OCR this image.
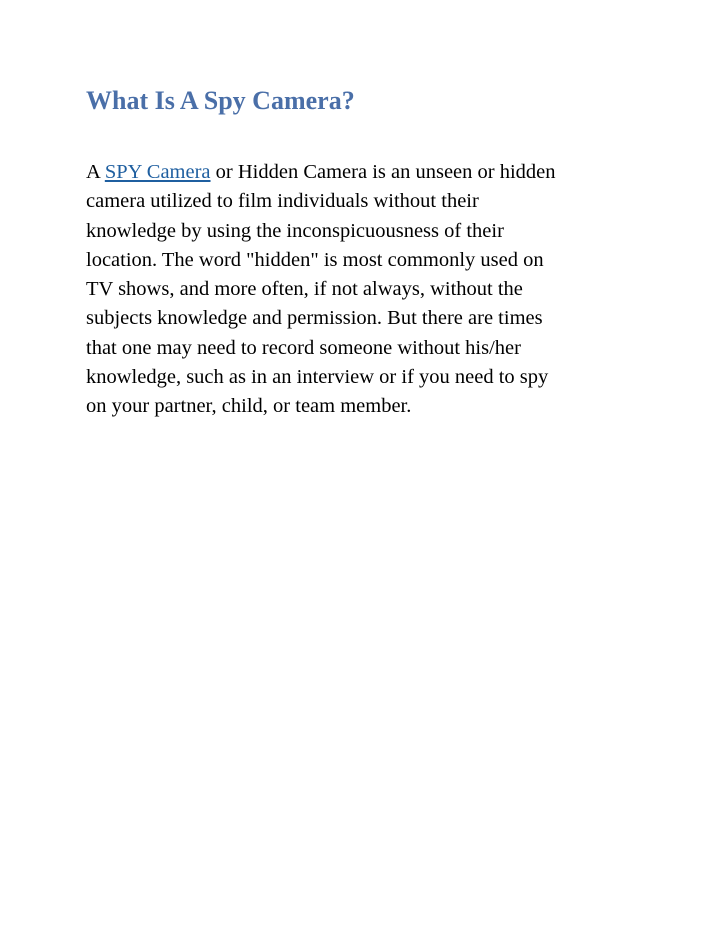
What Is A Spy Camera?

A SPY Camera or Hidden Camera is an unseen or hidden
camera utilized to film individuals without their
knowledge by using the inconspicuousness of their
location. The word "hidden" is most commonly used on
TV shows, and more often, if not always, without the
subjects knowledge and permission. But there are times
that one may need to record someone without his/her
knowledge, such as in an interview or if you need to spy
on your partner, child, or team member.
